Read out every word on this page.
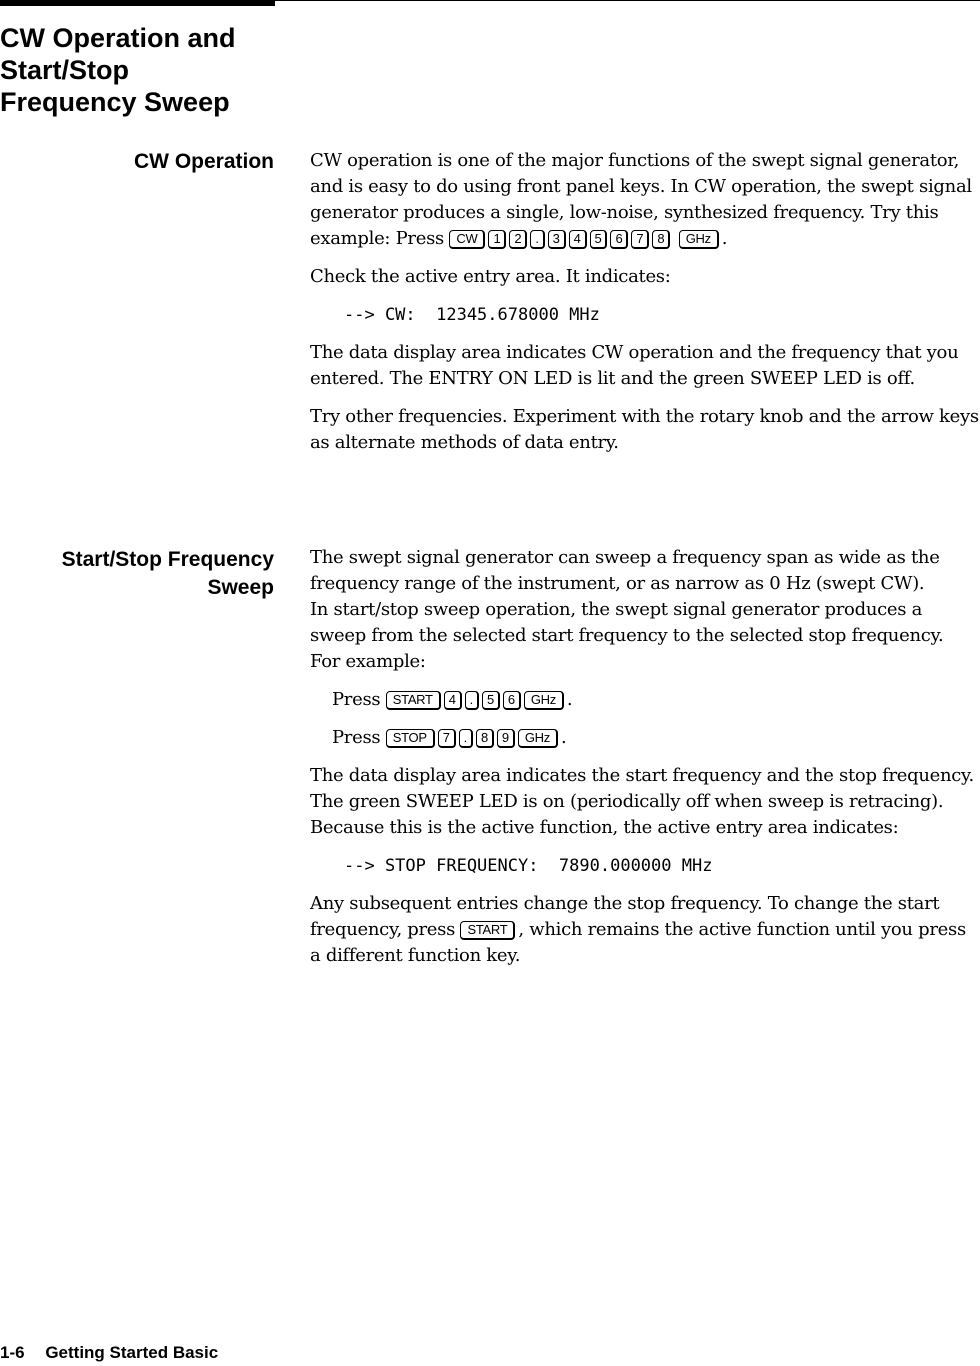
CW Operation and
Start/Stop
Frequency Sweep
CW Operation CW operation is one of the major functions of the swept signal generator, and is easy to do using front panel keys. In CW operation, the swept signal generator produces a single, low-noise, synthesized frequency. Try this example: Press CW 1 2 . 3 4 5 6 7 8 GHz .

Check the active entry area. It indicates:

--> CW:  12345.678000 MHz

The data display area indicates CW operation and the frequency that you entered. The ENTRY ON LED is lit and the green SWEEP LED is off.

Try other frequencies. Experiment with the rotary knob and the arrow keys as alternate methods of data entry.

Start/Stop Frequency
Sweep

The swept signal generator can sweep a frequency span as wide as the frequency range of the instrument, or as narrow as 0 Hz (swept CW).

In start/stop sweep operation, the swept signal generator produces a sweep from the selected start frequency to the selected stop frequency.

For example:

Press START 4 . 5 6 GHz .

Press STOP 7 . 8 9 GHz .

The data display area indicates the start frequency and the stop frequency. The green SWEEP LED is on (periodically off when sweep is retracing). Because this is the active function, the active entry area indicates:

--> STOP FREQUENCY:  7890.000000 MHz

Any subsequent entries change the stop frequency. To change the start frequency, press START , which remains the active function until you press a different function key.

1-6 Getting Started Basic
